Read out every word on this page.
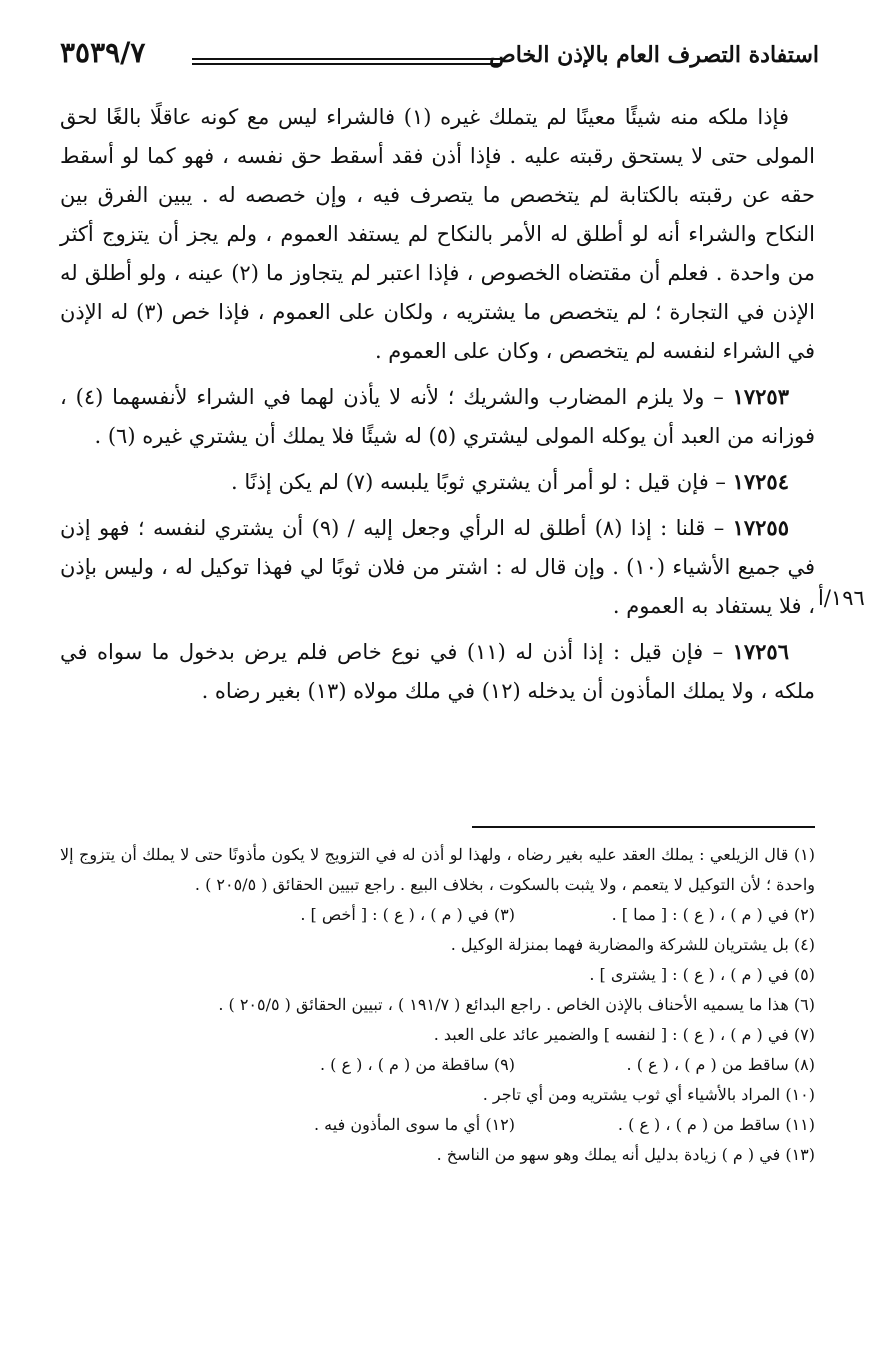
استفادة التصرف العام بالإذن الخاص
٣٥٣٩/٧
١٩٦/أ

فإذا ملكه منه شيئًا معينًا لم يتملك غيره (١) فالشراء ليس مع كونه عاقلًا بالغًا لحق المولى حتى لا يستحق رقبته عليه . فإذا أذن فقد أسقط حق نفسه ، فهو كما لو أسقط حقه عن رقبته بالكتابة لم يتخصص ما يتصرف فيه ، وإن خصصه له . يبين الفرق بين النكاح والشراء أنه لو أطلق له الأمر بالنكاح لم يستفد العموم ، ولم يجز أن يتزوج أكثر من واحدة . فعلم أن مقتضاه الخصوص ، فإذا اعتبر لم يتجاوز ما (٢) عينه ، ولو أطلق له الإذن في التجارة ؛ لم يتخصص ما يشتريه ، ولكان على العموم ، فإذا خص (٣) له الإذن في الشراء لنفسه لم يتخصص ، وكان على العموم .

١٧٢٥٣ – ولا يلزم المضارب والشريك ؛ لأنه لا يأذن لهما في الشراء لأنفسهما (٤) ، فوزانه من العبد أن يوكله المولى ليشتري (٥) له شيئًا فلا يملك أن يشتري غيره (٦) .

١٧٢٥٤ – فإن قيل : لو أمر أن يشتري ثوبًا يلبسه (٧) لم يكن إذنًا .

١٧٢٥٥ – قلنا : إذا (٨) أطلق له الرأي وجعل إليه / (٩) أن يشتري لنفسه ؛ فهو إذن في جميع الأشياء (١٠) . وإن قال له : اشتر من فلان ثوبًا لي فهذا توكيل له ، وليس بإذن ، فلا يستفاد به العموم .

١٧٢٥٦ – فإن قيل : إذا أذن له (١١) في نوع خاص فلم يرض بدخول ما سواه في ملكه ، ولا يملك المأذون أن يدخله (١٢) في ملك مولاه (١٣) بغير رضاه .

(١) قال الزيلعي : يملك العقد عليه بغير رضاه ، ولهذا لو أذن له في التزويج لا يكون مأذونًا حتى لا يملك أن يتزوج إلا واحدة ؛ لأن التوكيل لا يتعمم ، ولا يثبت بالسكوت ، بخلاف البيع . راجع تبيين الحقائق ( ٢٠٥/٥ ) .

(٢) في ( م ) ، ( ع ) : [ مما ] .

(٣) في ( م ) ، ( ع ) : [ أخص ] .

(٤) بل يشتريان للشركة والمضاربة فهما بمنزلة الوكيل .

(٥) في ( م ) ، ( ع ) : [ يشترى ] .

(٦) هذا ما يسميه الأحناف بالإذن الخاص . راجع البدائع ( ١٩١/٧ ) ، تبيين الحقائق ( ٢٠٥/٥ ) .

(٧) في ( م ) ، ( ع ) : [ لنفسه ] والضمير عائد على العبد .

(٨) ساقط من ( م ) ، ( ع ) .

(٩) ساقطة من ( م ) ، ( ع ) .

(١٠) المراد بالأشياء أي ثوب يشتريه ومن أي تاجر .

(١١) ساقط من ( م ) ، ( ع ) .

(١٢) أي ما سوى المأذون فيه .

(١٣) في ( م ) زيادة بدليل أنه يملك وهو سهو من الناسخ .
